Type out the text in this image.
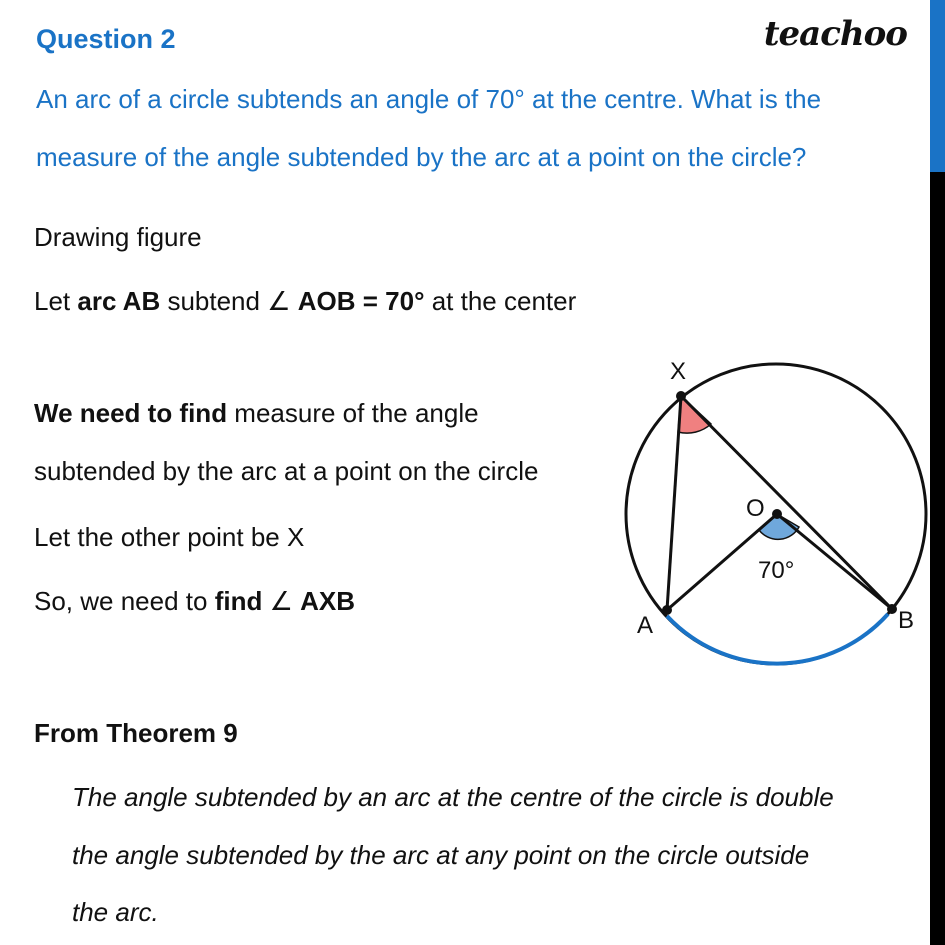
Question 2	teachoo
An arc of a circle subtends an angle of 70° at the centre. What is the
measure of the angle subtended by the arc at a point on the circle?
Drawing figure
Let arc AB subtend ∠ AOB = 70° at the center
We need to find measure of the angle
subtended by the arc at a point on the circle
Let the other point be X
So, we need to find ∠ AXB
X
O
A	B
70°
From Theorem 9
The angle subtended by an arc at the centre of the circle is double
the angle subtended by the arc at any point on the circle outside
the arc.
